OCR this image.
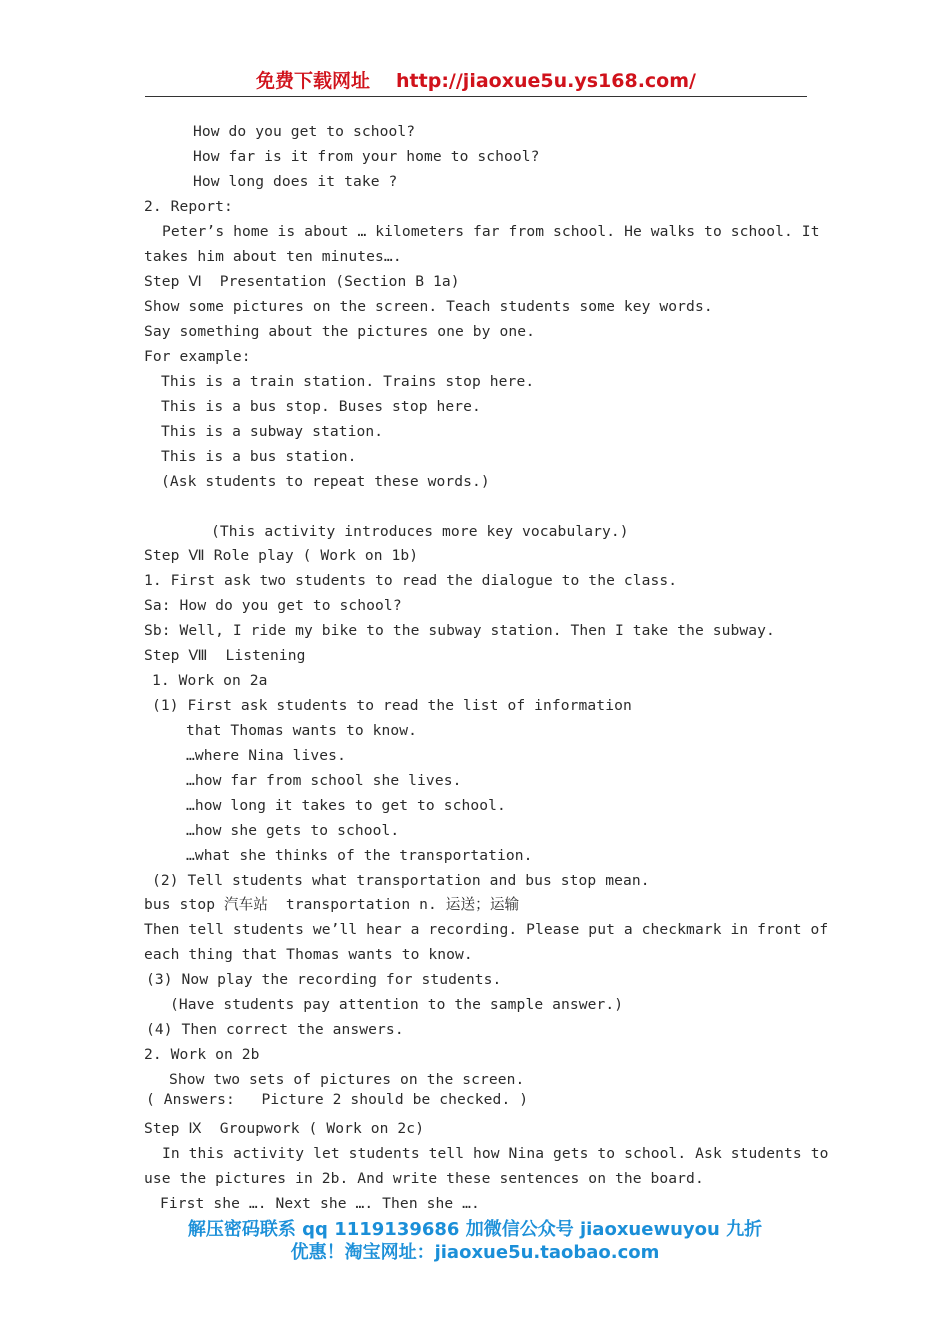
免费下载网址 http://jiaoxue5u.ys168.com/
How do you get to school?
How far is it from your home to school?
How long does it take ?
2. Report:
Peter’s home is about … kilometers far from school. He walks to school. It
takes him about ten minutes….
Step Ⅵ  Presentation (Section B 1a)
Show some pictures on the screen. Teach students some key words.
Say something about the pictures one by one.
For example:
This is a train station. Trains stop here.
This is a bus stop. Buses stop here.
This is a subway station.
This is a bus station.
(Ask students to repeat these words.)
(This activity introduces more key vocabulary.)
Step Ⅶ Role play ( Work on 1b)
1. First ask two students to read the dialogue to the class.
Sa: How do you get to school?
Sb: Well, I ride my bike to the subway station. Then I take the subway.
Step Ⅷ  Listening
1. Work on 2a
(1) First ask students to read the list of information
that Thomas wants to know.
…where Nina lives.
…how far from school she lives.
…how long it takes to get to school.
…how she gets to school.
…what she thinks of the transportation.
(2) Tell students what transportation and bus stop mean.
bus stop 汽车站  transportation n. 运送；运输
Then tell students we’ll hear a recording. Please put a checkmark in front of
each thing that Thomas wants to know.
(3) Now play the recording for students.
(Have students pay attention to the sample answer.)
(4) Then correct the answers.
2. Work on 2b
Show two sets of pictures on the screen.
( Answers:   Picture 2 should be checked. )
Step Ⅸ  Groupwork ( Work on 2c)
In this activity let students tell how Nina gets to school. Ask students to
use the pictures in 2b. And write these sentences on the board.
First she …. Next she …. Then she ….
解压密码联系 qq 1119139686 加微信公众号 jiaoxuewuyou 九折
优惠！淘宝网址：jiaoxue5u.taobao.com
